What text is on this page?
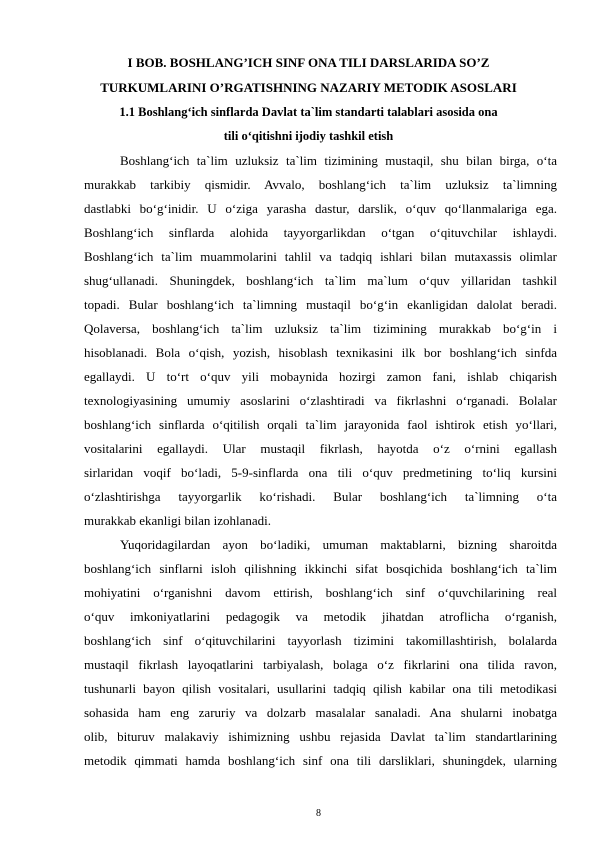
I BOB. BOSHLANG’ICH SINF ONA TILI DARSLARIDA SO’Z
TURKUMLARINI O’RGATISHNING NAZARIY METODIK ASOSLARI
1.1 Boshlang‘ich sinflarda Davlat ta`lim standarti talablari asosida ona
tili o‘qitishni ijodiy tashkil etish
Boshlang‘ich ta`lim uzluksiz ta`lim tizimining mustaqil, shu bilan birga, o‘ta
murakkab tarkibiy qismidir. Avvalo, boshlang‘ich ta`lim uzluksiz ta`limning
dastlabki bo‘g‘inidir. U o‘ziga yarasha dastur, darslik, o‘quv qo‘llanmalariga ega.
Boshlang‘ich sinflarda alohida tayyorgarlikdan o‘tgan o‘qituvchilar ishlaydi.
Boshlang‘ich ta`lim muammolarini tahlil va tadqiq ishlari bilan mutaxassis olimlar
shug‘ullanadi. Shuningdek, boshlang‘ich ta`lim ma`lum o‘quv yillaridan tashkil
topadi. Bular boshlang‘ich ta`limning mustaqil bo‘g‘in ekanligidan dalolat beradi.
Qolaversa, boshlang‘ich ta`lim uzluksiz ta`lim tizimining murakkab bo‘g‘in i
hisoblanadi. Bola o‘qish, yozish, hisoblash texnikasini ilk bor boshlang‘ich sinfda
egallaydi. U to‘rt o‘quv yili mobaynida hozirgi zamon fani, ishlab chiqarish
texnologiyasining umumiy asoslarini o‘zlashtiradi va fikrlashni o‘rganadi. Bolalar
boshlang‘ich sinflarda o‘qitilish orqali ta`lim jarayonida faol ishtirok etish yo‘llari,
vositalarini egallaydi. Ular mustaqil fikrlash, hayotda o‘z o‘rnini egallash
sirlaridan voqif bo‘ladi, 5-9-sinflarda ona tili o‘quv predmetining to‘liq kursini
o‘zlashtirishga tayyorgarlik ko‘rishadi. Bular boshlang‘ich ta`limning o‘ta
murakkab ekanligi bilan izohlanadi.
Yuqoridagilardan ayon bo‘ladiki, umuman maktablarni, bizning sharoitda
boshlang‘ich sinflarni isloh qilishning ikkinchi sifat bosqichida boshlang‘ich ta`lim
mohiyatini o‘rganishni davom ettirish, boshlang‘ich sinf o‘quvchilarining real
o‘quv imkoniyatlarini pedagogik va metodik jihatdan atroflicha o‘rganish,
boshlang‘ich sinf o‘qituvchilarini tayyorlash tizimini takomillashtirish, bolalarda
mustaqil fikrlash layoqatlarini tarbiyalash, bolaga o‘z fikrlarini ona tilida ravon,
tushunarli bayon qilish vositalari, usullarini tadqiq qilish kabilar ona tili metodikasi
sohasida ham eng zaruriy va dolzarb masalalar sanaladi. Ana shularni inobatga
olib, bituruv malakaviy ishimizning ushbu rejasida Davlat ta`lim standartlarining
metodik qimmati hamda boshlang‘ich sinf ona tili darsliklari, shuningdek, ularning
8
